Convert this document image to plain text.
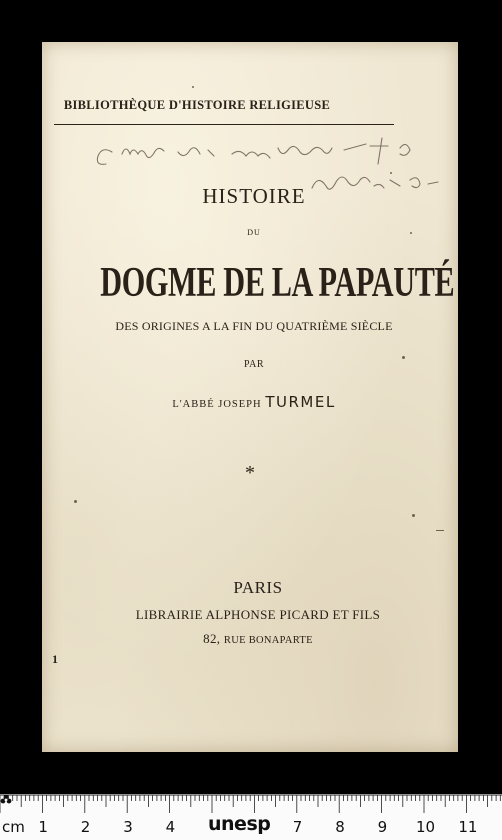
BIBLIOTHÈQUE D'HISTOIRE RELIGIEUSE
HISTOIRE
DU
DOGME DE LA PAPAUTÉ
DES ORIGINES A LA FIN DU QUATRIÈME SIÈCLE
PAR
L'ABBÉ JOSEPH TURMEL
*
PARIS
LIBRAIRIE ALPHONSE PICARD ET FILS
82, RUE BONAPARTE
1
cm 1 2 3 4	7 8 9 10 11
unesp
